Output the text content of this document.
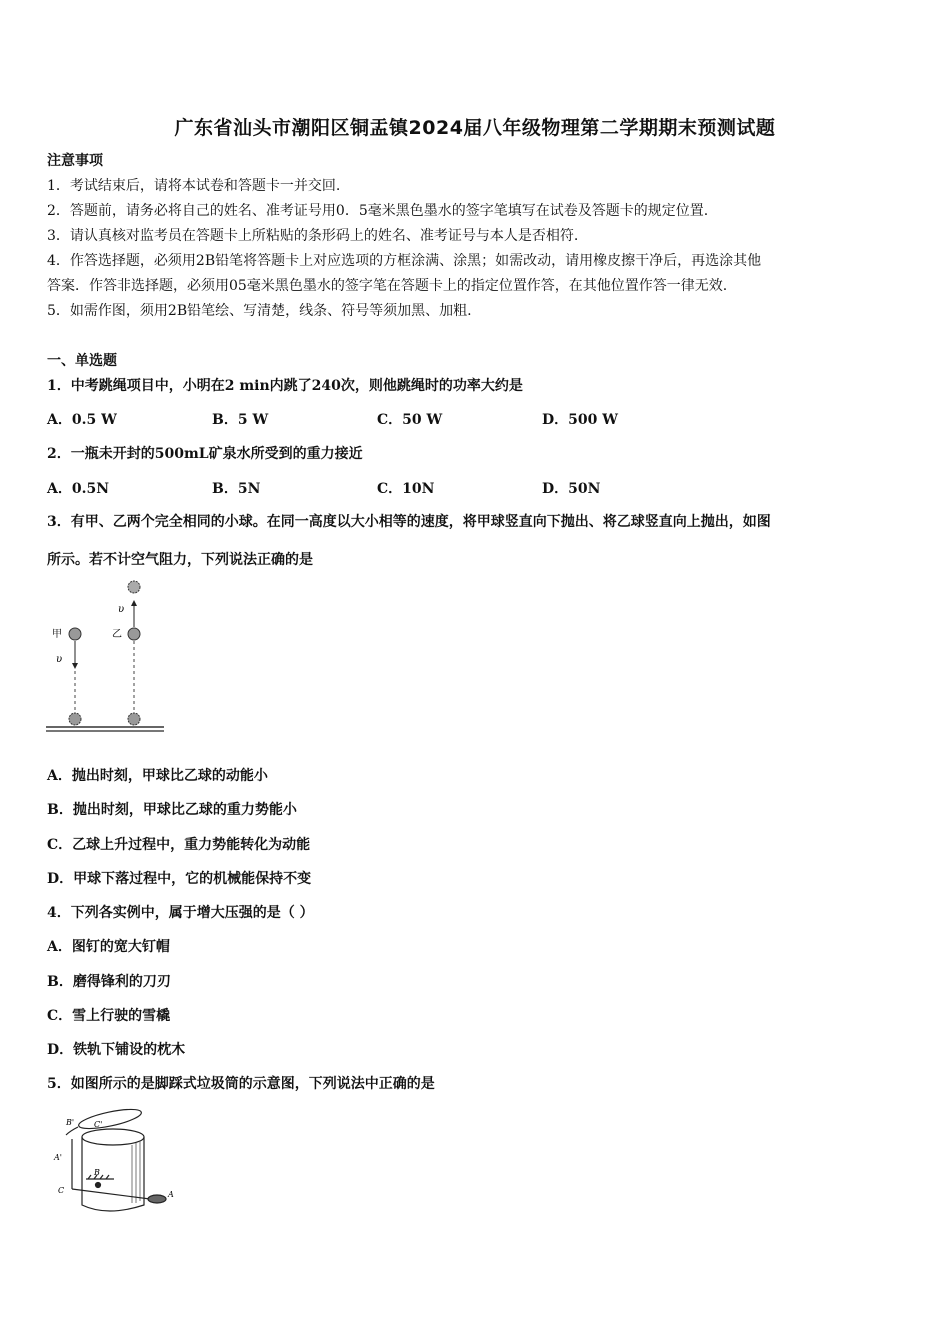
广东省汕头市潮阳区铜盂镇2024届八年级物理第二学期期末预测试题
注意事项
1．考试结束后，请将本试卷和答题卡一并交回.
2．答题前，请务必将自己的姓名、准考证号用0．5毫米黑色墨水的签字笔填写在试卷及答题卡的规定位置.
3．请认真核对监考员在答题卡上所粘贴的条形码上的姓名、准考证号与本人是否相符.
4．作答选择题，必须用2B铅笔将答题卡上对应选项的方框涂满、涂黑；如需改动，请用橡皮擦干净后，再选涂其他
答案．作答非选择题，必须用05毫米黑色墨水的签字笔在答题卡上的指定位置作答，在其他位置作答一律无效.
5．如需作图，须用2B铅笔绘、写清楚，线条、符号等须加黑、加粗.
一、单选题
1．中考跳绳项目中，小明在2 min内跳了240次，则他跳绳时的功率大约是
A．0.5 W	B．5 W	C．50 W	D．500 W
2．一瓶未开封的500mL矿泉水所受到的重力接近
A．0.5N	B．5N	C．10N	D．50N
3．有甲、乙两个完全相同的小球。在同一高度以大小相等的速度，将甲球竖直向下抛出、将乙球竖直向上抛出，如图
所示。若不计空气阻力，下列说法正确的是
甲	乙
υ
υ
A．抛出时刻，甲球比乙球的动能小
B．抛出时刻，甲球比乙球的重力势能小
C．乙球上升过程中，重力势能转化为动能
D．甲球下落过程中，它的机械能保持不变
4．下列各实例中，属于增大压强的是（ ）
A．图钉的宽大钉帽
B．磨得锋利的刀刃
C．雪上行驶的雪橇
D．铁轨下铺设的枕木
5．如图所示的是脚踩式垃圾筒的示意图，下列说法中正确的是
B' C'
A'
B
C	A
